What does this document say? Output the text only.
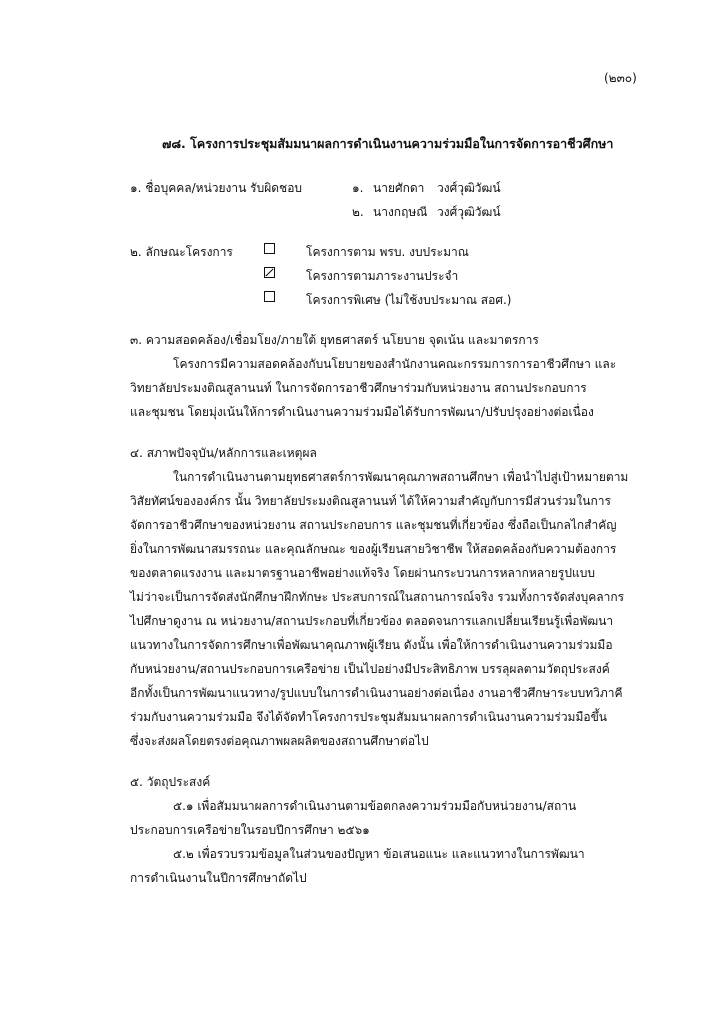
(๒๓๐)
๗๘. โครงการประชุมสัมมนาผลการดำเนินงานความร่วมมือในการจัดการอาชีวศึกษา
๑. ชื่อบุคคล/หน่วยงาน รับผิดชอบ	๑. นายศักดา วงศ์วุฒิวัฒน์
๒. นางกฤษณี วงศ์วุฒิวัฒน์
๒. ลักษณะโครงการ	โครงการตาม พรบ. งบประมาณ
โครงการตามภาระงานประจำ
โครงการพิเศษ (ไม่ใช้งบประมาณ สอศ.)
๓. ความสอดคล้อง/เชื่อมโยง/ภายใต้ ยุทธศาสตร์ นโยบาย จุดเน้น และมาตรการ
โครงการมีความสอดคล้องกับนโยบายของสำนักงานคณะกรรมการการอาชีวศึกษา และ
วิทยาลัยประมงติณสูลานนท์ ในการจัดการอาชีวศึกษาร่วมกับหน่วยงาน สถานประกอบการ
และชุมชน โดยมุ่งเน้นให้การดำเนินงานความร่วมมือได้รับการพัฒนา/ปรับปรุงอย่างต่อเนื่อง
๔. สภาพปัจจุบัน/หลักการและเหตุผล
ในการดำเนินงานตามยุทธศาสตร์การพัฒนาคุณภาพสถานศึกษา เพื่อนำไปสู่เป้าหมายตาม
วิสัยทัศน์ขององค์กร นั้น วิทยาลัยประมงติณสูลานนท์ ได้ให้ความสำคัญกับการมีส่วนร่วมในการ
จัดการอาชีวศึกษาของหน่วยงาน สถานประกอบการ และชุมชนที่เกี่ยวข้อง ซึ่งถือเป็นกลไกสำคัญ
ยิ่งในการพัฒนาสมรรถนะ และคุณลักษณะ ของผู้เรียนสายวิชาชีพ ให้สอดคล้องกับความต้องการ
ของตลาดแรงงาน และมาตรฐานอาชีพอย่างแท้จริง โดยผ่านกระบวนการหลากหลายรูปแบบ
ไม่ว่าจะเป็นการจัดส่งนักศึกษาฝึกทักษะ ประสบการณ์ในสถานการณ์จริง รวมทั้งการจัดส่งบุคลากร
ไปศึกษาดูงาน ณ หน่วยงาน/สถานประกอบที่เกี่ยวข้อง ตลอดจนการแลกเปลี่ยนเรียนรู้เพื่อพัฒนา
แนวทางในการจัดการศึกษาเพื่อพัฒนาคุณภาพผู้เรียน ดังนั้น เพื่อให้การดำเนินงานความร่วมมือ
กับหน่วยงาน/สถานประกอบการเครือข่าย เป็นไปอย่างมีประสิทธิภาพ บรรลุผลตามวัตถุประสงค์
อีกทั้งเป็นการพัฒนาแนวทาง/รูปแบบในการดำเนินงานอย่างต่อเนื่อง งานอาชีวศึกษาระบบทวิภาคี
ร่วมกับงานความร่วมมือ จึงได้จัดทำโครงการประชุมสัมมนาผลการดำเนินงานความร่วมมือขึ้น
ซึ่งจะส่งผลโดยตรงต่อคุณภาพผลผลิตของสถานศึกษาต่อไป
๕. วัตถุประสงค์
๕.๑ เพื่อสัมมนาผลการดำเนินงานตามข้อตกลงความร่วมมือกับหน่วยงาน/สถาน
ประกอบการเครือข่ายในรอบปีการศึกษา ๒๕๖๑
๕.๒ เพื่อรวบรวมข้อมูลในส่วนของปัญหา ข้อเสนอแนะ และแนวทางในการพัฒนา
การดำเนินงานในปีการศึกษาถัดไป
